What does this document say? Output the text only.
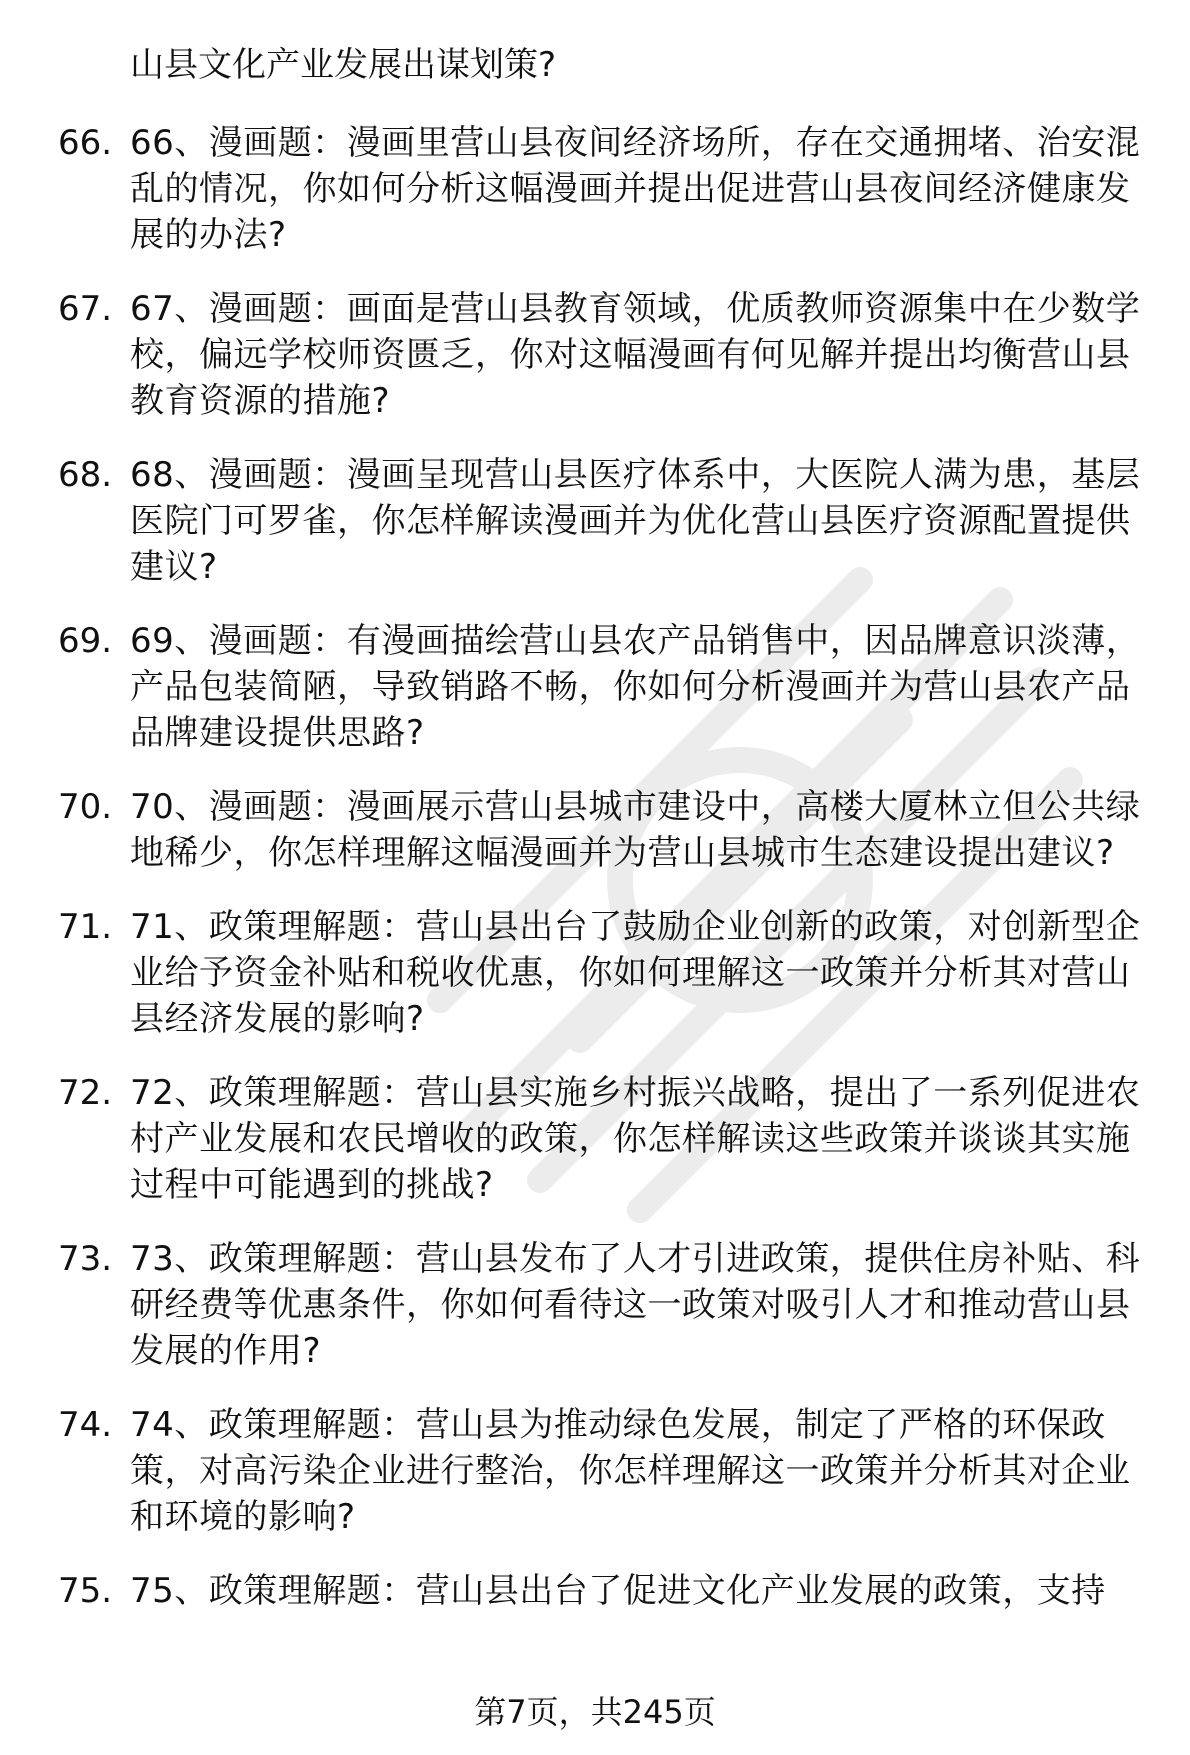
山县文化产业发展出谋划策?

66. 66、漫画题：漫画里营山县夜间经济场所，存在交通拥堵、治安混乱的情况，你如何分析这幅漫画并提出促进营山县夜间经济健康发展的办法?
67. 67、漫画题：画面是营山县教育领域，优质教师资源集中在少数学校，偏远学校师资匮乏，你对这幅漫画有何见解并提出均衡营山县教育资源的措施?
68. 68、漫画题：漫画呈现营山县医疗体系中，大医院人满为患，基层医院门可罗雀，你怎样解读漫画并为优化营山县医疗资源配置提供建议?
69. 69、漫画题：有漫画描绘营山县农产品销售中，因品牌意识淡薄，产品包装简陋，导致销路不畅，你如何分析漫画并为营山县农产品品牌建设提供思路?
70. 70、漫画题：漫画展示营山县城市建设中，高楼大厦林立但公共绿地稀少，你怎样理解这幅漫画并为营山县城市生态建设提出建议?
71. 71、政策理解题：营山县出台了鼓励企业创新的政策，对创新型企业给予资金补贴和税收优惠，你如何理解这一政策并分析其对营山县经济发展的影响?
72. 72、政策理解题：营山县实施乡村振兴战略，提出了一系列促进农村产业发展和农民增收的政策，你怎样解读这些政策并谈谈其实施过程中可能遇到的挑战?
73. 73、政策理解题：营山县发布了人才引进政策，提供住房补贴、科研经费等优惠条件，你如何看待这一政策对吸引人才和推动营山县发展的作用?
74. 74、政策理解题：营山县为推动绿色发展，制定了严格的环保政策，对高污染企业进行整治，你怎样理解这一政策并分析其对企业和环境的影响?
75. 75、政策理解题：营山县出台了促进文化产业发展的政策，支持
第7页，共245页
